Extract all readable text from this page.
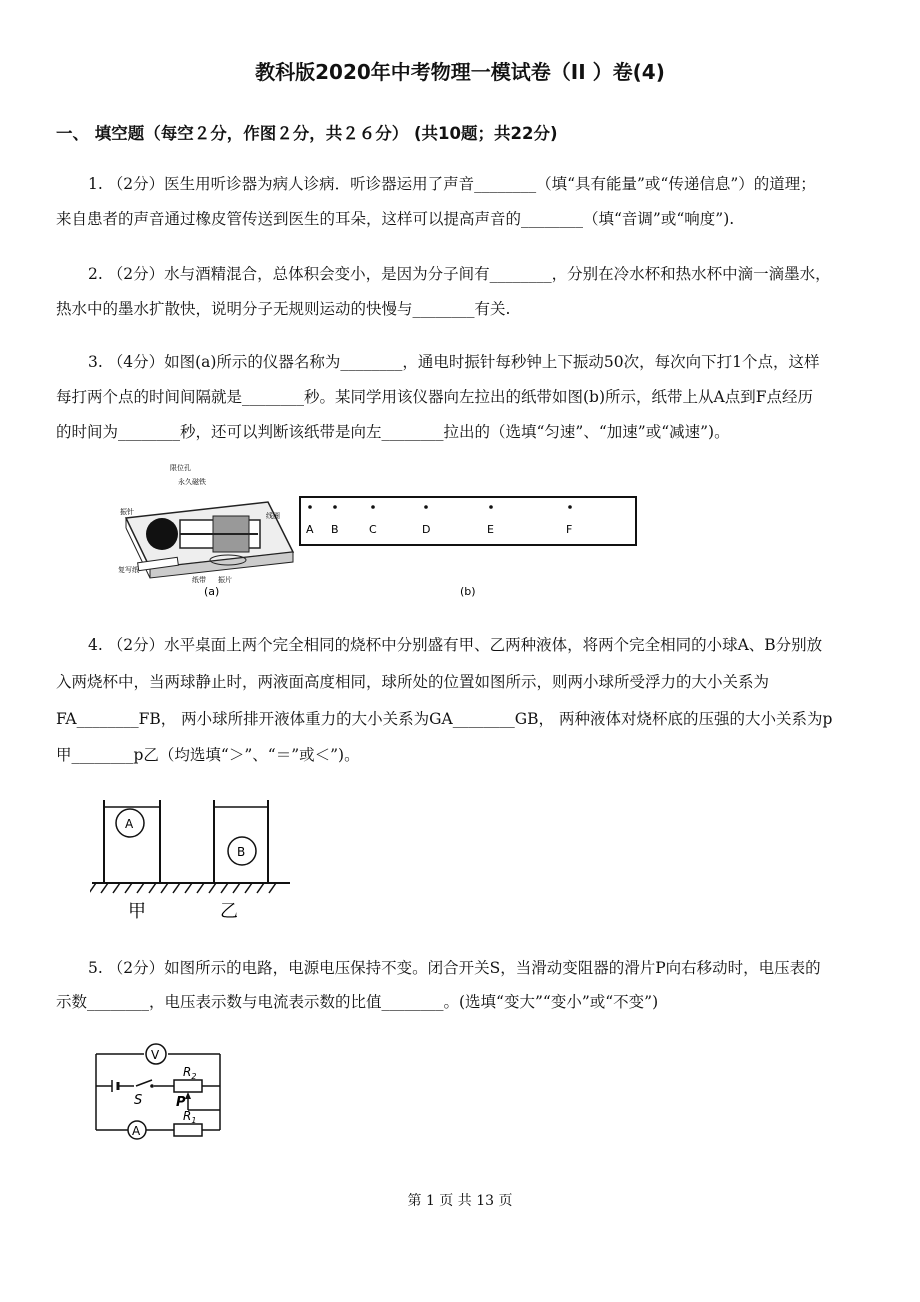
教科版2020年中考物理一模试卷（II ）卷(4)
一、 填空题（每空２分，作图２分，共２６分） (共10题；共22分)
1. （2分）医生用听诊器为病人诊病．听诊器运用了声音________（填“具有能量”或“传递信息”）的道理；
来自患者的声音通过橡皮管传送到医生的耳朵，这样可以提高声音的________（填“音调”或“响度”).
2. （2分）水与酒精混合，总体积会变小，是因为分子间有________，分别在冷水杯和热水杯中滴一滴墨水，
热水中的墨水扩散快，说明分子无规则运动的快慢与________有关.
3. （4分）如图(a)所示的仪器名称为________，通电时振针每秒钟上下振动50次，每次向下打1个点，这样
每打两个点的时间间隔就是________秒。某同学用该仪器向左拉出的纸带如图(b)所示，纸带上从A点到F点经历
的时间为________秒，还可以判断该纸带是向左________拉出的（选填“匀速”、“加速”或“减速”)。
振针
限位孔
永久磁铁
线圈
复写纸
纸带 振片
(a)
A B	C	D	E	F
(b)
4. （2分）水平桌面上两个完全相同的烧杯中分别盛有甲、乙两种液体，将两个完全相同的小球A、B分别放
入两烧杯中，当两球静止时，两液面高度相同，球所处的位置如图所示，则两小球所受浮力的大小关系为
FA________FB， 两小球所排开液体重力的大小关系为GA________GB， 两种液体对烧杯底的压强的大小关系为p
甲________p乙（均选填“＞”、“＝”或＜”)。
A
B
甲	乙
5. （2分）如图所示的电路，电源电压保持不变。闭合开关S，当滑动变阻器的滑片P向右移动时，电压表的
示数________，电压表示数与电流表示数的比值________。(选填“变大”“变小”或“不变”)
V
A
S	P
$R_2$
$R_1$
第 1 页 共 13 页
